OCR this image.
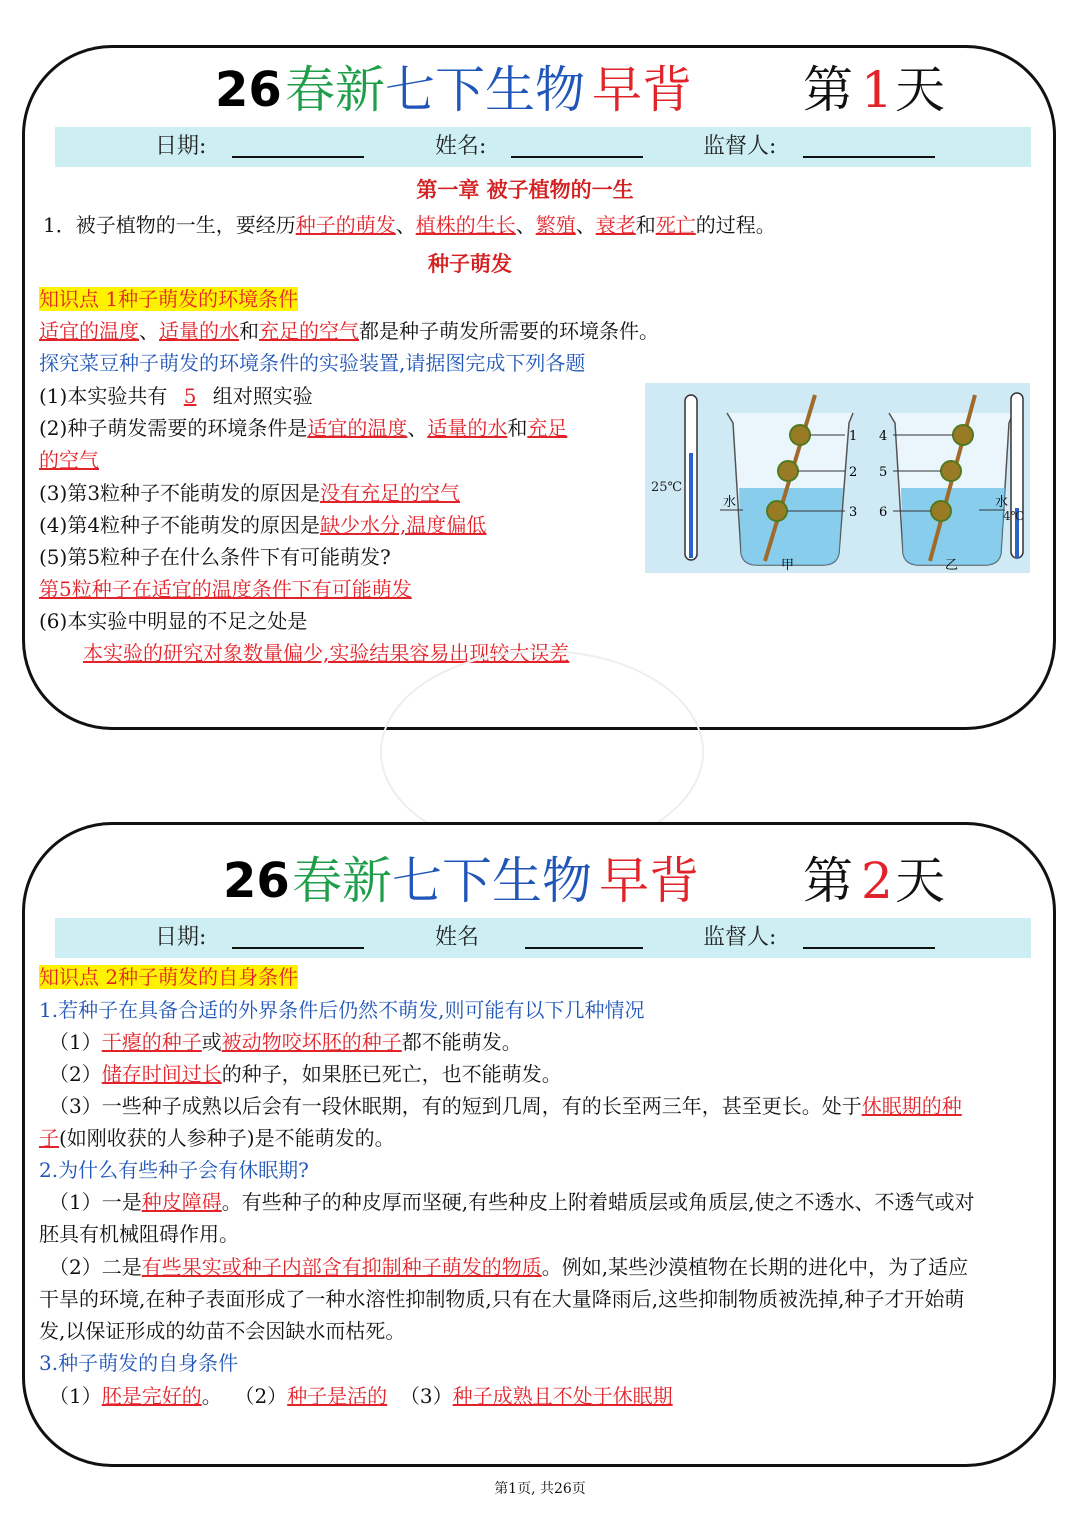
26 春新 七下生物 早背 第 1 天
日期:	姓名:	监督人:
第一章 被子植物的一生
1．被子植物的一生，要经历种子的萌发、植株的生长、繁殖、衰老和死亡的过程。
种子萌发
知识点 1种子萌发的环境条件
适宜的温度、适量的水和充足的空气都是种子萌发所需要的环境条件。
探究菜豆种子萌发的环境条件的实验装置,请据图完成下列各题
(1)本实验共有 5 组对照实验
(2)种子萌发需要的环境条件是适宜的温度、适量的水和充足
的空气
(3)第3粒种子不能萌发的原因是没有充足的空气
(4)第4粒种子不能萌发的原因是缺少水分,温度偏低
(5)第5粒种子在什么条件下有可能萌发?
第5粒种子在适宜的温度条件下有可能萌发
(6)本实验中明显的不足之处是
本实验的研究对象数量偏少,实验结果容易出现较大误差
25℃
1
2
3
水
甲
4
5
6
水
乙
4℃
26 春新 七下生物 早背 第 2 天
日期:	姓名	监督人:
知识点 2种子萌发的自身条件
1.若种子在具备合适的外界条件后仍然不萌发,则可能有以下几种情况
（1）干瘪的种子或被动物咬坏胚的种子都不能萌发。
（2）储存时间过长的种子，如果胚已死亡，也不能萌发。
（3）一些种子成熟以后会有一段休眠期，有的短到几周，有的长至两三年，甚至更长。处于休眠期的种
子(如刚收获的人参种子)是不能萌发的。
2.为什么有些种子会有休眠期?
（1）一是种皮障碍。有些种子的种皮厚而坚硬,有些种皮上附着蜡质层或角质层,使之不透水、不透气或对
胚具有机械阻碍作用。
（2）二是有些果实或种子内部含有抑制种子萌发的物质。例如,某些沙漠植物在长期的进化中，为了适应
干旱的环境,在种子表面形成了一种水溶性抑制物质,只有在大量降雨后,这些抑制物质被洗掉,种子才开始萌
发,以保证形成的幼苗不会因缺水而枯死。
3.种子萌发的自身条件
（1）胚是完好的。 （2）种子是活的 （3）种子成熟且不处于休眠期
第1页, 共26页
